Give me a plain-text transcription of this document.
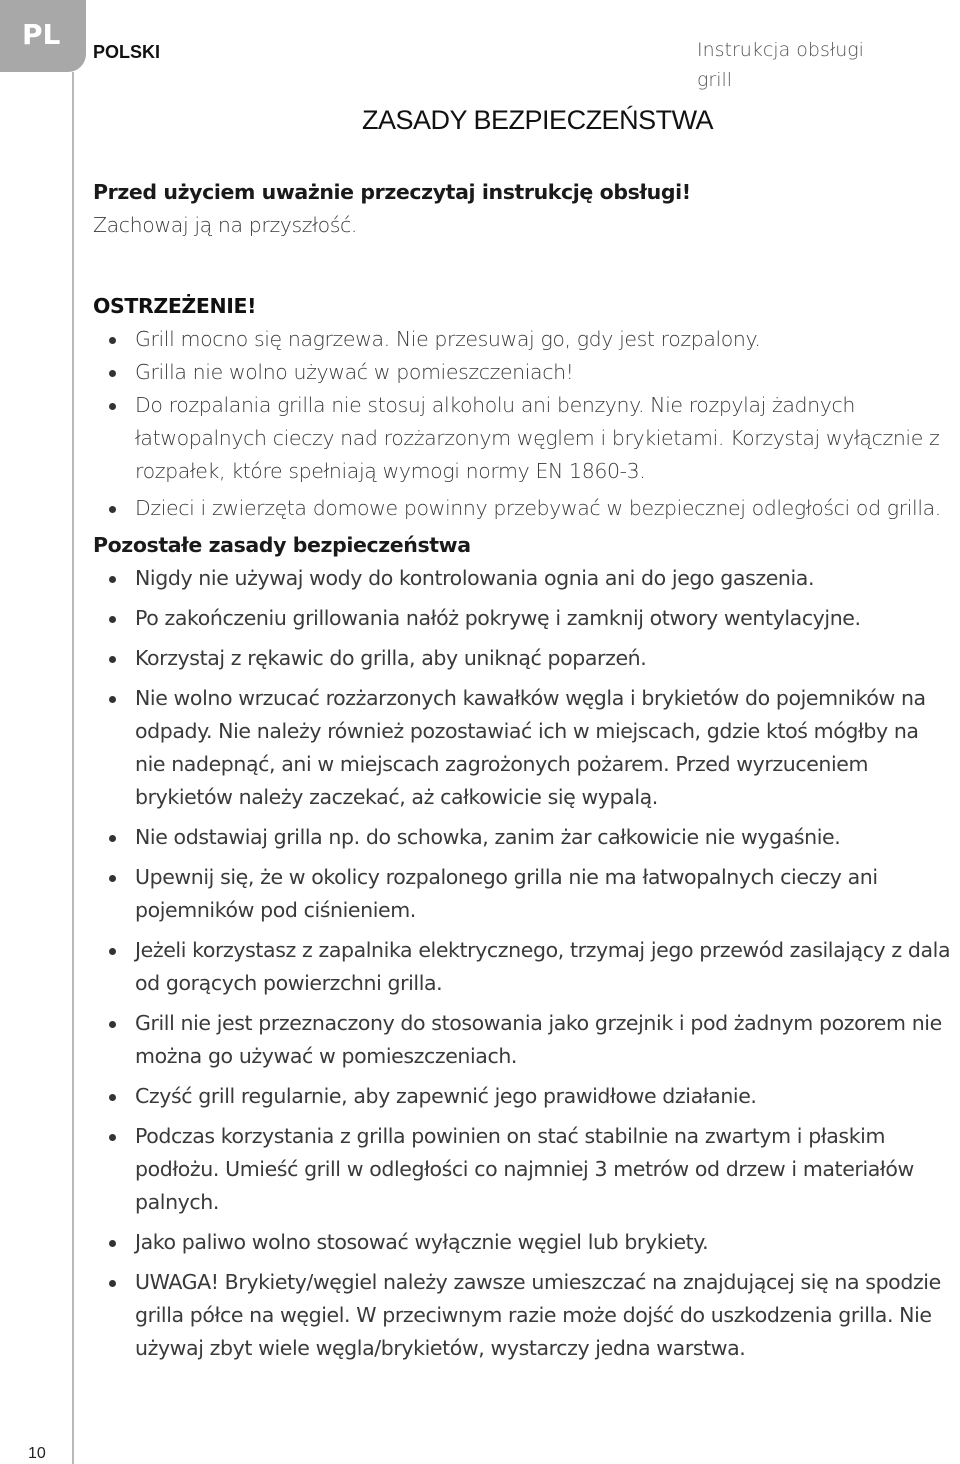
PL
POLSKI	Instrukcja obsługi
grill
ZASADY BEZPIECZEŃSTWA
Przed użyciem uważnie przeczytaj instrukcję obsługi!
Zachowaj ją na przyszłość.
OSTRZEŻENIE!
Grill mocno się nagrzewa. Nie przesuwaj go, gdy jest rozpalony.
Grilla nie wolno używać w pomieszczeniach!
Do rozpalania grilla nie stosuj alkoholu ani benzyny. Nie rozpylaj żadnych łatwopalnych cieczy nad rozżarzonym węglem i brykietami. Korzystaj wyłącznie z rozpałek, które spełniają wymogi normy EN 1860-3.
Dzieci i zwierzęta domowe powinny przebywać w bezpiecznej odległości od grilla.
Pozostałe zasady bezpieczeństwa
Nigdy nie używaj wody do kontrolowania ognia ani do jego gaszenia.
Po zakończeniu grillowania nałóż pokrywę i zamknij otwory wentylacyjne.
Korzystaj z rękawic do grilla, aby uniknąć poparzeń.
Nie wolno wrzucać rozżarzonych kawałków węgla i brykietów do pojemników na odpady. Nie należy również pozostawiać ich w miejscach, gdzie ktoś mógłby na nie nadepnąć, ani w miejscach zagrożonych pożarem. Przed wyrzuceniem brykietów należy zaczekać, aż całkowicie się wypalą.
Nie odstawiaj grilla np. do schowka, zanim żar całkowicie nie wygaśnie.
Upewnij się, że w okolicy rozpalonego grilla nie ma łatwopalnych cieczy ani pojemników pod ciśnieniem.
Jeżeli korzystasz z zapalnika elektrycznego, trzymaj jego przewód zasilający z dala od gorących powierzchni grilla.
Grill nie jest przeznaczony do stosowania jako grzejnik i pod żadnym pozorem nie można go używać w pomieszczeniach.
Czyść grill regularnie, aby zapewnić jego prawidłowe działanie.
Podczas korzystania z grilla powinien on stać stabilnie na zwartym i płaskim podłożu. Umieść grill w odległości co najmniej 3 metrów od drzew i materiałów palnych.
Jako paliwo wolno stosować wyłącznie węgiel lub brykiety.
UWAGA! Brykiety/węgiel należy zawsze umieszczać na znajdującej się na spodzie grilla półce na węgiel. W przeciwnym razie może dojść do uszkodzenia grilla. Nie używaj zbyt wiele węgla/brykietów, wystarczy jedna warstwa.
10
